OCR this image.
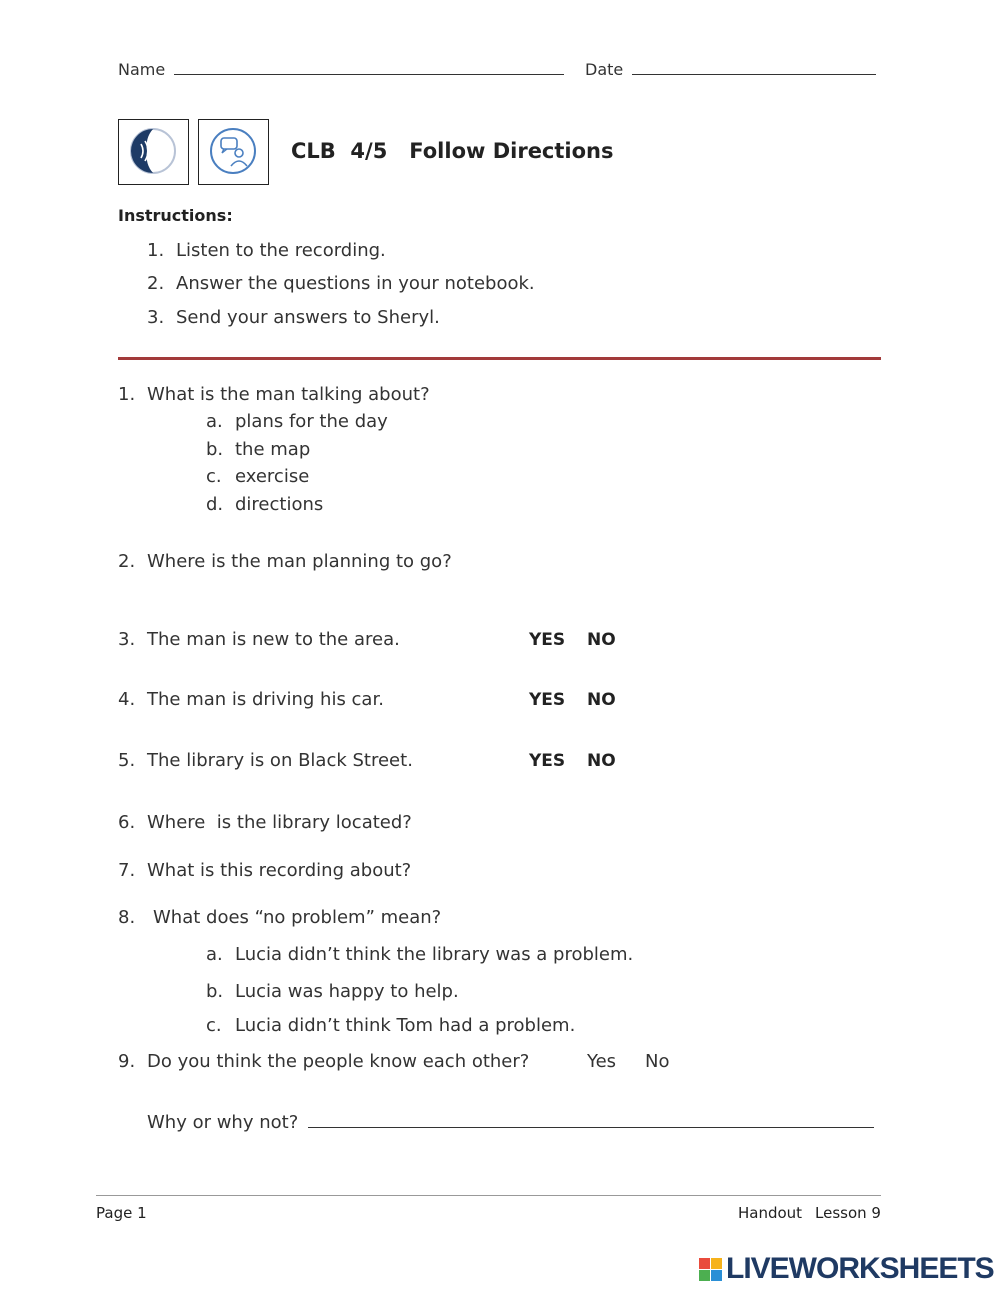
Name	Date
CLB  4/5   Follow Directions
Instructions:
1. Listen to the recording.
2. Answer the questions in your notebook.
3. Send your answers to Sheryl.
1. What is the man talking about?
a. plans for the day
b. the map
c. exercise
d. directions
2. Where is the man planning to go?
3. The man is new to the area.	YES NO
4. The man is driving his car.	YES NO
5. The library is on Black Street.	YES NO
6. Where  is the library located?
7. What is this recording about?
8. What does “no problem” mean?
a. Lucia didn’t think the library was a problem.
b. Lucia was happy to help.
c. Lucia didn’t think Tom had a problem.
9. Do you think the people know each other?	Yes No
Why or why not?
Page 1	Handout Lesson 9
LIVEWORKSHEETS
